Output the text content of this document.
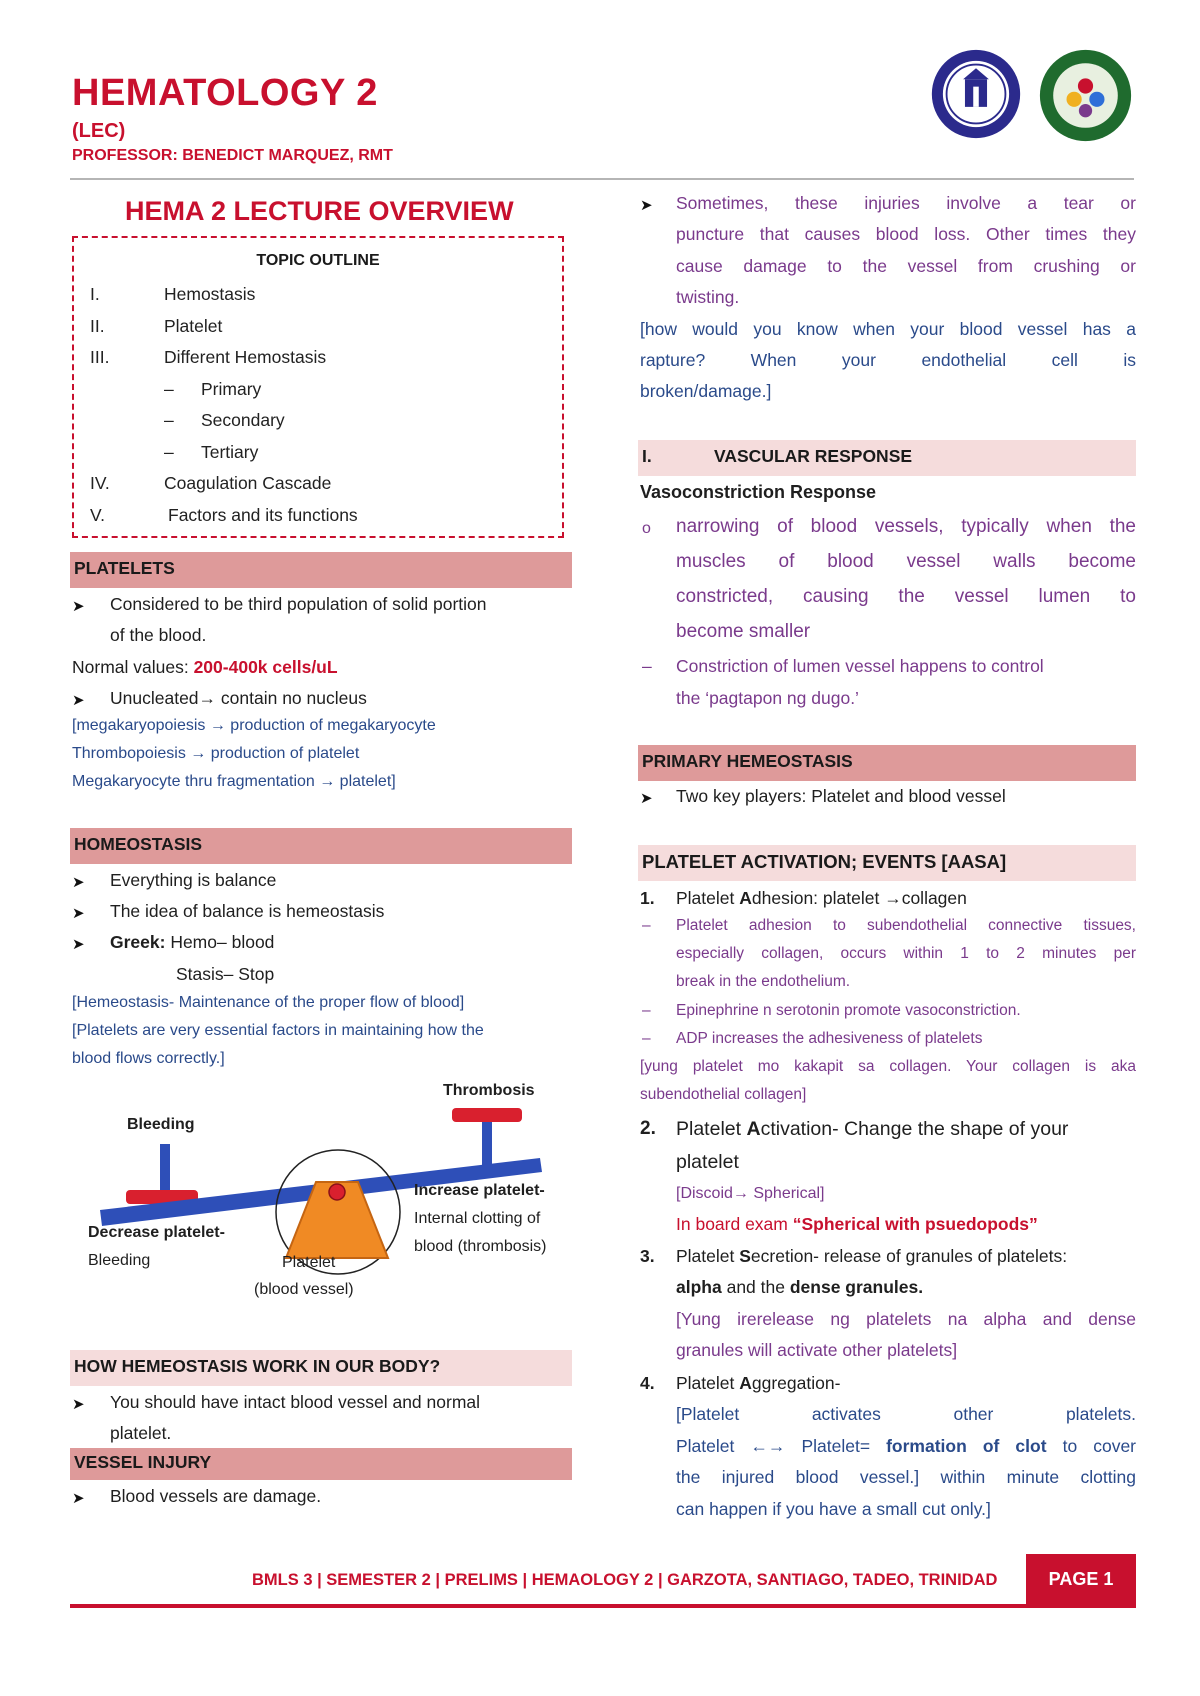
HEMATOLOGY 2
(LEC)
PROFESSOR: BENEDICT MARQUEZ, RMT
HEMA 2 LECTURE OVERVIEW
TOPIC OUTLINE
I.	Hemostasis
II.	Platelet
III.	Different Hemostasis
– Primary
– Secondary
– Tertiary
IV.	Coagulation Cascade
V.	Factors and its functions
PLATELETS
➤ Considered to be third population of solid portion
of the blood.
Normal values: 200-400k cells/uL
➤ Unucleated→ contain no nucleus
[megakaryopoiesis → production of megakaryocyte
Thrombopoiesis → production of platelet
Megakaryocyte thru fragmentation → platelet]
HOMEOSTASIS
➤ Everything is balance
➤ The idea of balance is hemeostasis
➤ Greek: Hemo– blood
Stasis– Stop
[Hemeostasis- Maintenance of the proper flow of blood]
[Platelets are very essential factors in maintaining how the
blood flows correctly.]
Thrombosis
Bleeding
Decrease platelet-
Bleeding	Platelet
(blood vessel)
Increase platelet-
Internal clotting of
blood (thrombosis)
HOW HEMEOSTASIS WORK IN OUR BODY?
➤ You should have intact blood vessel and normal
platelet.
VESSEL INJURY
➤ Blood vessels are damage.
➤ Sometimes, these injuries involve a tear or
puncture that causes blood loss. Other times they
cause damage to the vessel from crushing or
twisting.
[how would you know when your blood vessel has a
rapture? When your endothelial cell is
broken/damage.]
I.	VASCULAR RESPONSE
Vasoconstriction Response
o narrowing of blood vessels, typically when the
muscles of blood vessel walls become
constricted, causing the vessel lumen to
become smaller
– Constriction of lumen vessel happens to control
the ‘pagtapon ng dugo.’
PRIMARY HEMEOSTASIS
➤ Two key players: Platelet and blood vessel
PLATELET ACTIVATION; EVENTS [AASA]
1. Platelet Adhesion: platelet →collagen
– Platelet adhesion to subendothelial connective tissues,
especially collagen, occurs within 1 to 2 minutes per
break in the endothelium.
– Epinephrine n serotonin promote vasoconstriction.
– ADP increases the adhesiveness of platelets
[yung platelet mo kakapit sa collagen. Your collagen is aka
subendothelial collagen]
2. Platelet Activation- Change the shape of your
platelet
[Discoid→ Spherical]
In board exam “Spherical with psuedopods”
3. Platelet Secretion- release of granules of platelets:
alpha and the dense granules.
[Yung irerelease ng platelets na alpha and dense
granules will activate other platelets]
4. Platelet Aggregation-
[Platelet activates other platelets.
Platelet ←→ Platelet= formation of clot to cover
the injured blood vessel.] within minute clotting
can happen if you have a small cut only.]
BMLS 3 | SEMESTER 2 | PRELIMS | HEMAOLOGY 2 | GARZOTA, SANTIAGO, TADEO, TRINIDAD	PAGE 1
